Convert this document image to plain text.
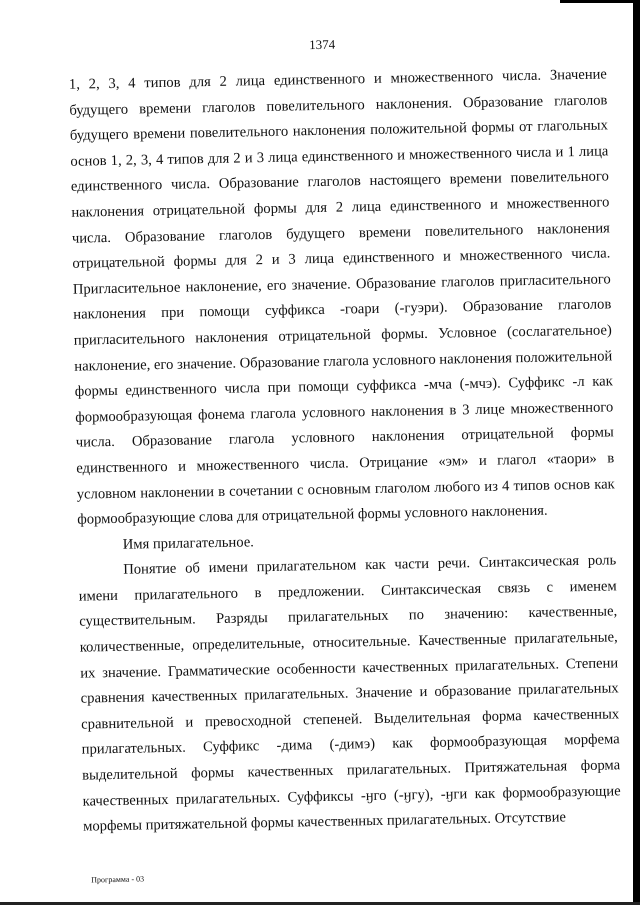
1374

1, 2, 3, 4 типов для 2 лица единственного и множественного числа. Значение будущего времени глаголов повелительного наклонения. Образование глаголов будущего времени повелительного наклонения положительной формы от глагольных основ 1, 2, 3, 4 типов для 2 и 3 лица единственного и множественного числа и 1 лица единственного числа. Образование глаголов настоящего времени повелительного наклонения отрицательной формы для 2 лица единственного и множественного числа. Образование глаголов будущего времени повелительного наклонения отрицательной формы для 2 и 3 лица единственного и множественного числа. Пригласительное наклонение, его значение. Образование глаголов пригласительного наклонения при помощи суффикса -гоари (-гуэри). Образование глаголов пригласительного наклонения отрицательной формы. Условное (сослагательное) наклонение, его значение. Образование глагола условного наклонения положительной формы единственного числа при помощи суффикса -мча (-мчэ). Суффикс -л как формообразующая фонема глагола условного наклонения в 3 лице множественного числа. Образование глагола условного наклонения отрицательной формы единственного и множественного числа. Отрицание «эм» и глагол «таори» в условном наклонении в сочетании с основным глаголом любого из 4 типов основ как формообразующие слова для отрицательной формы условного наклонения.

Имя прилагательное.

Понятие об имени прилагательном как части речи. Синтаксическая роль имени прилагательного в предложении. Синтаксическая связь с именем существительным. Разряды прилагательных по значению: качественные, количественные, определительные, относительные. Качественные прилагательные, их значение. Грамматические особенности качественных прилагательных. Степени сравнения качественных прилагательных. Значение и образование прилагательных сравнительной и превосходной степеней. Выделительная форма качественных прилагательных. Суффикс -дима (-димэ) как формообразующая морфема выделительной формы качественных прилагательных. Притяжательная форма качественных прилагательных. Суффиксы -ӈго (-ӈгу), -ӈги как формообразующие морфемы притяжательной формы качественных прилагательных. Отсутствие

Программа - 03
